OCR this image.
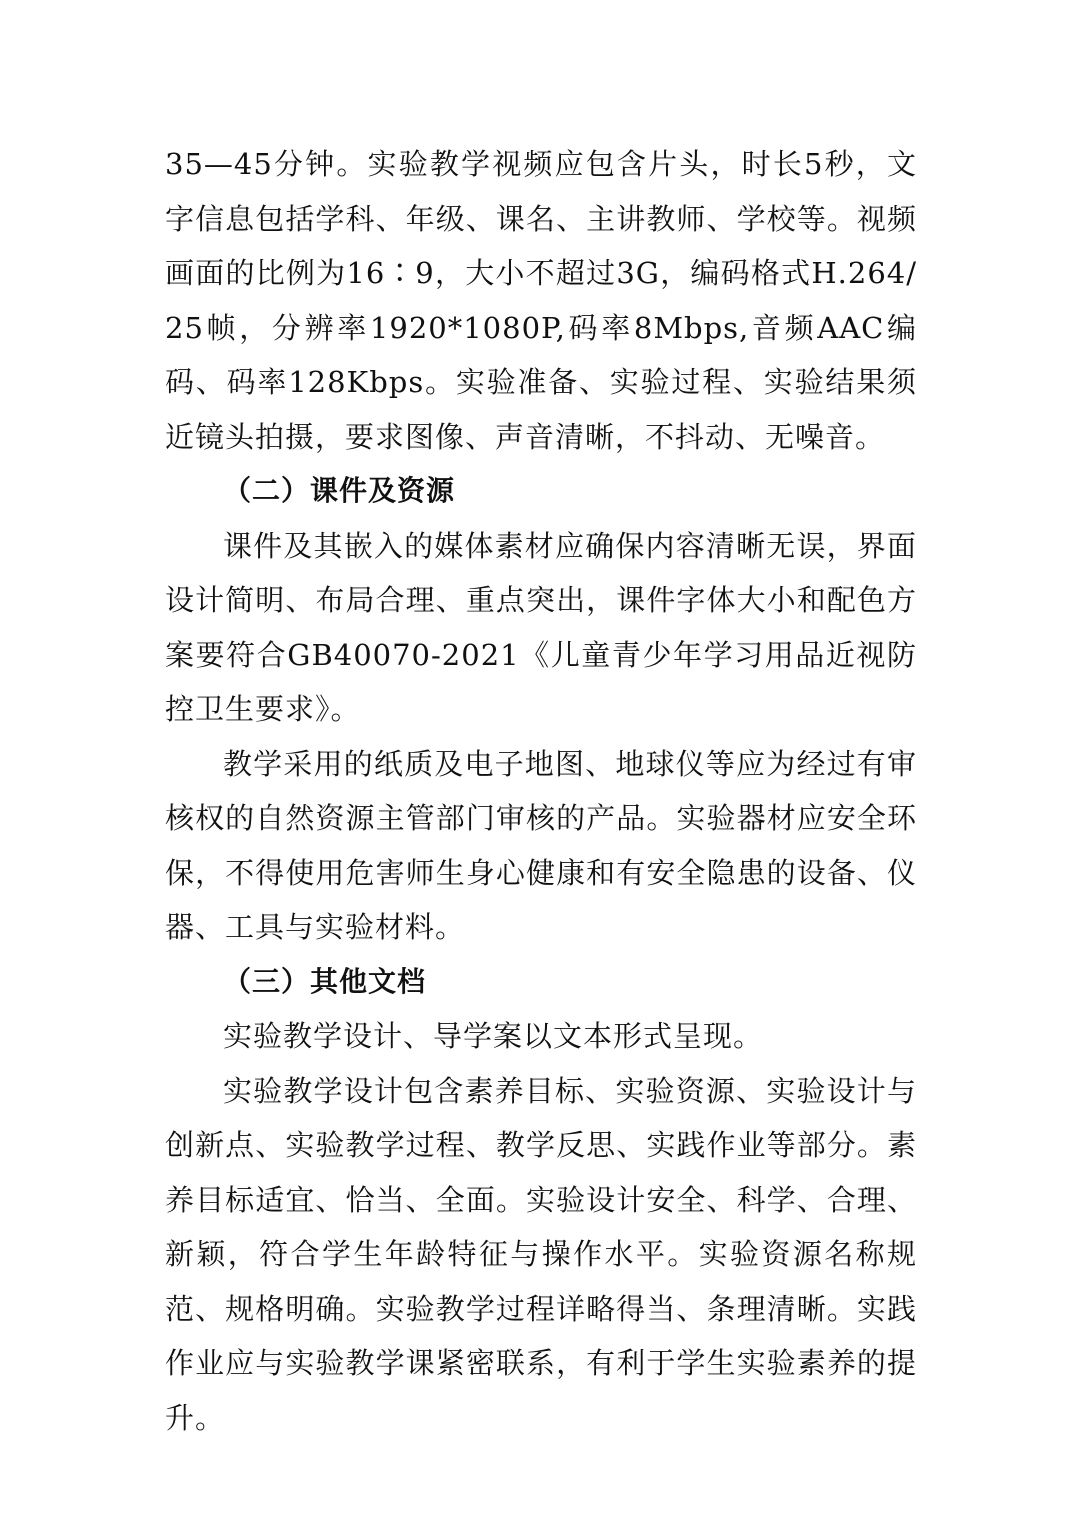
35—45分钟。实验教学视频应包含片头，时长5秒，文字信息包括学科、年级、课名、主讲教师、学校等。视频画面的比例为16∶9，大小不超过3G，编码格式H.264/25帧，分辨率1920*1080P,码率8Mbps,音频AAC编码、码率128Kbps。实验准备、实验过程、实验结果须近镜头拍摄，要求图像、声音清晰，不抖动、无噪音。

（二）课件及资源

课件及其嵌入的媒体素材应确保内容清晰无误，界面设计简明、布局合理、重点突出，课件字体大小和配色方案要符合GB40070-2021《儿童青少年学习用品近视防控卫生要求》。

教学采用的纸质及电子地图、地球仪等应为经过有审核权的自然资源主管部门审核的产品。实验器材应安全环保，不得使用危害师生身心健康和有安全隐患的设备、仪器、工具与实验材料。

（三）其他文档

实验教学设计、导学案以文本形式呈现。

实验教学设计包含素养目标、实验资源、实验设计与创新点、实验教学过程、教学反思、实践作业等部分。素养目标适宜、恰当、全面。实验设计安全、科学、合理、新颖，符合学生年龄特征与操作水平。实验资源名称规范、规格明确。实验教学过程详略得当、条理清晰。实践作业应与实验教学课紧密联系，有利于学生实验素养的提升。
